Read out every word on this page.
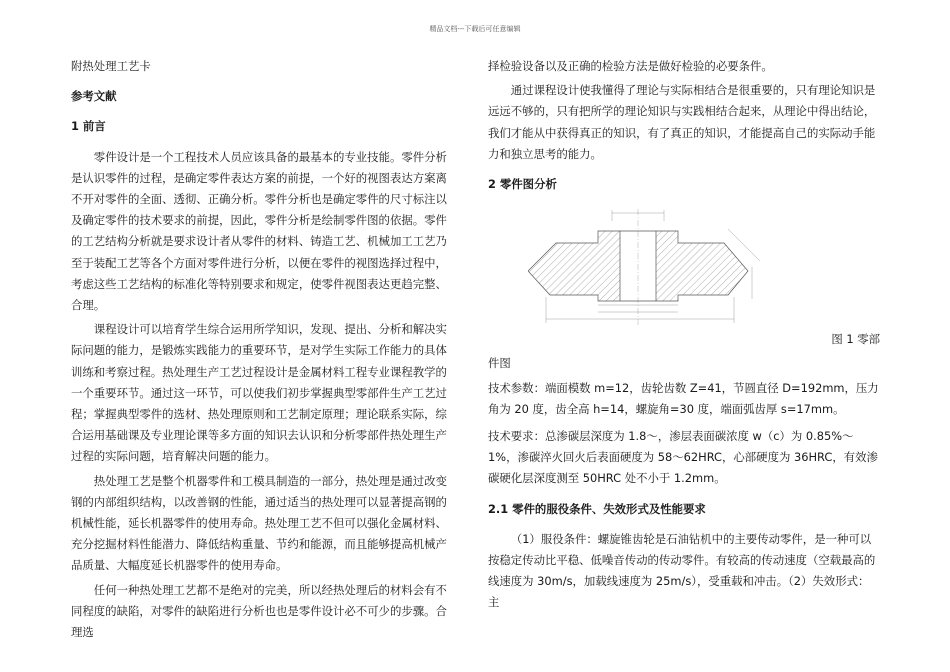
精品文档---下载后可任意编辑

附热处理工艺卡

参考文献
1 前言

零件设计是一个工程技术人员应该具备的最基本的专业技能。零件分析是认识零件的过程，是确定零件表达方案的前提，一个好的视图表达方案离不开对零件的全面、透彻、正确分析。零件分析也是确定零件的尺寸标注以及确定零件的技术要求的前提，因此，零件分析是绘制零件图的依据。零件的工艺结构分析就是要求设计者从零件的材料、铸造工艺、机械加工工艺乃至于装配工艺等各个方面对零件进行分析，以便在零件的视图选择过程中，考虑这些工艺结构的标准化等特别要求和规定，使零件视图表达更趋完整、合理。

课程设计可以培育学生综合运用所学知识，发现、提出、分析和解决实际问题的能力，是锻炼实践能力的重要环节，是对学生实际工作能力的具体训练和考察过程。热处理生产工艺过程设计是金属材料工程专业课程教学的一个重要环节。通过这一环节，可以使我们初步掌握典型零部件生产工艺过程；掌握典型零件的选材、热处理原则和工艺制定原理；理论联系实际，综合运用基础课及专业理论课等多方面的知识去认识和分析零部件热处理生产过程的实际问题，培育解决问题的能力。

热处理工艺是整个机器零件和工模具制造的一部分，热处理是通过改变钢的内部组织结构，以改善钢的性能，通过适当的热处理可以显著提高钢的机械性能，延长机器零件的使用寿命。热处理工艺不但可以强化金属材料、充分挖掘材料性能潜力、降低结构重量、节约和能源，而且能够提高机械产品质量、大幅度延长机器零件的使用寿命。

任何一种热处理工艺都不是绝对的完美，所以经热处理后的材料会有不同程度的缺陷，对零件的缺陷进行分析也也是零件设计必不可少的步骤。合理选

择检验设备以及正确的检验方法是做好检验的必要条件。

通过课程设计使我懂得了理论与实际相结合是很重要的，只有理论知识是远远不够的，只有把所学的理论知识与实践相结合起来，从理论中得出结论，我们才能从中获得真正的知识，有了真正的知识，才能提高自己的实际动手能力和独立思考的能力。

2 零件图分析

图 1 零部

件图

技术参数：端面模数 m=12，齿轮齿数 Z=41，节圆直径 D=192mm，压力角为 20 度，齿全高 h=14，螺旋角=30 度，端面弧齿厚 s=17mm。

技术要求：总渗碳层深度为 1.8～，渗层表面碳浓度 w（c）为 0.85%～1%，渗碳淬火回火后表面硬度为 58～62HRC，心部硬度为 36HRC，有效渗碳硬化层深度测至 50HRC 处不小于 1.2mm。

2.1 零件的服役条件、失效形式及性能要求

（1）服役条件：螺旋锥齿轮是石油钻机中的主要传动零件，是一种可以按稳定传动比平稳、低噪音传动的传动零件。有较高的传动速度（空载最高的线速度为 30m/s，加载线速度为 25m/s），受重载和冲击。（2）失效形式：主
